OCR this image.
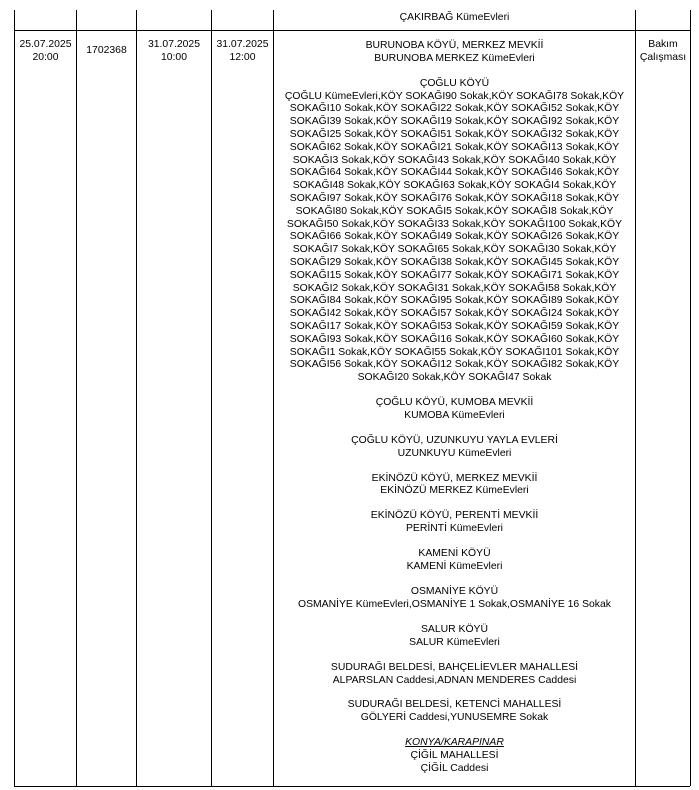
25.07.2025
20:00
1702368
31.07.2025
10:00
31.07.2025
12:00
Bakım
Çalışması
ÇAKIRBAĞ KümeEvleri
BURUNOBA KÖYÜ, MERKEZ MEVKİİ
BURUNOBA MERKEZ KümeEvleri
ÇOĞLU KÖYÜ
ÇOĞLU KümeEvleri,KÖY SOKAĞI90 Sokak,KÖY SOKAĞI78 Sokak,KÖY
SOKAĞI10 Sokak,KÖY SOKAĞI22 Sokak,KÖY SOKAĞI52 Sokak,KÖY
SOKAĞI39 Sokak,KÖY SOKAĞI19 Sokak,KÖY SOKAĞI92 Sokak,KÖY
SOKAĞI25 Sokak,KÖY SOKAĞI51 Sokak,KÖY SOKAĞI32 Sokak,KÖY
SOKAĞI62 Sokak,KÖY SOKAĞI21 Sokak,KÖY SOKAĞI13 Sokak,KÖY
SOKAĞI3 Sokak,KÖY SOKAĞI43 Sokak,KÖY SOKAĞI40 Sokak,KÖY
SOKAĞI64 Sokak,KÖY SOKAĞI44 Sokak,KÖY SOKAĞI46 Sokak,KÖY
SOKAĞI48 Sokak,KÖY SOKAĞI63 Sokak,KÖY SOKAĞI4 Sokak,KÖY
SOKAĞI97 Sokak,KÖY SOKAĞI76 Sokak,KÖY SOKAĞI18 Sokak,KÖY
SOKAĞI80 Sokak,KÖY SOKAĞI5 Sokak,KÖY SOKAĞI8 Sokak,KÖY
SOKAĞI50 Sokak,KÖY SOKAĞI33 Sokak,KÖY SOKAĞI100 Sokak,KÖY
SOKAĞI66 Sokak,KÖY SOKAĞI49 Sokak,KÖY SOKAĞI26 Sokak,KÖY
SOKAĞI7 Sokak,KÖY SOKAĞI65 Sokak,KÖY SOKAĞI30 Sokak,KÖY
SOKAĞI29 Sokak,KÖY SOKAĞI38 Sokak,KÖY SOKAĞI45 Sokak,KÖY
SOKAĞI15 Sokak,KÖY SOKAĞI77 Sokak,KÖY SOKAĞI71 Sokak,KÖY
SOKAĞI2 Sokak,KÖY SOKAĞI31 Sokak,KÖY SOKAĞI58 Sokak,KÖY
SOKAĞI84 Sokak,KÖY SOKAĞI95 Sokak,KÖY SOKAĞI89 Sokak,KÖY
SOKAĞI42 Sokak,KÖY SOKAĞI57 Sokak,KÖY SOKAĞI24 Sokak,KÖY
SOKAĞI17 Sokak,KÖY SOKAĞI53 Sokak,KÖY SOKAĞI59 Sokak,KÖY
SOKAĞI93 Sokak,KÖY SOKAĞI16 Sokak,KÖY SOKAĞI60 Sokak,KÖY
SOKAĞI1 Sokak,KÖY SOKAĞI55 Sokak,KÖY SOKAĞI101 Sokak,KÖY
SOKAĞI56 Sokak,KÖY SOKAĞI12 Sokak,KÖY SOKAĞI82 Sokak,KÖY
SOKAĞI20 Sokak,KÖY SOKAĞI47 Sokak
ÇOĞLU KÖYÜ, KUMOBA MEVKİİ
KUMOBA KümeEvleri
ÇOĞLU KÖYÜ, UZUNKUYU YAYLA EVLERİ
UZUNKUYU KümeEvleri
EKİNÖZÜ KÖYÜ, MERKEZ MEVKİİ
EKİNÖZÜ MERKEZ KümeEvleri
EKİNÖZÜ KÖYÜ, PERENTİ MEVKİİ
PERİNTİ KümeEvleri
KAMENİ KÖYÜ
KAMENİ KümeEvleri
OSMANİYE KÖYÜ
OSMANİYE KümeEvleri,OSMANİYE 1 Sokak,OSMANİYE 16 Sokak
SALUR KÖYÜ
SALUR KümeEvleri
SUDURAĞI BELDESİ, BAHÇELİEVLER MAHALLESİ
ALPARSLAN Caddesi,ADNAN MENDERES Caddesi
SUDURAĞI BELDESİ, KETENCİ MAHALLESİ
GÖLYERİ Caddesi,YUNUSEMRE Sokak
KONYA/KARAPINAR
ÇİĞİL MAHALLESİ
ÇİĞİL Caddesi
